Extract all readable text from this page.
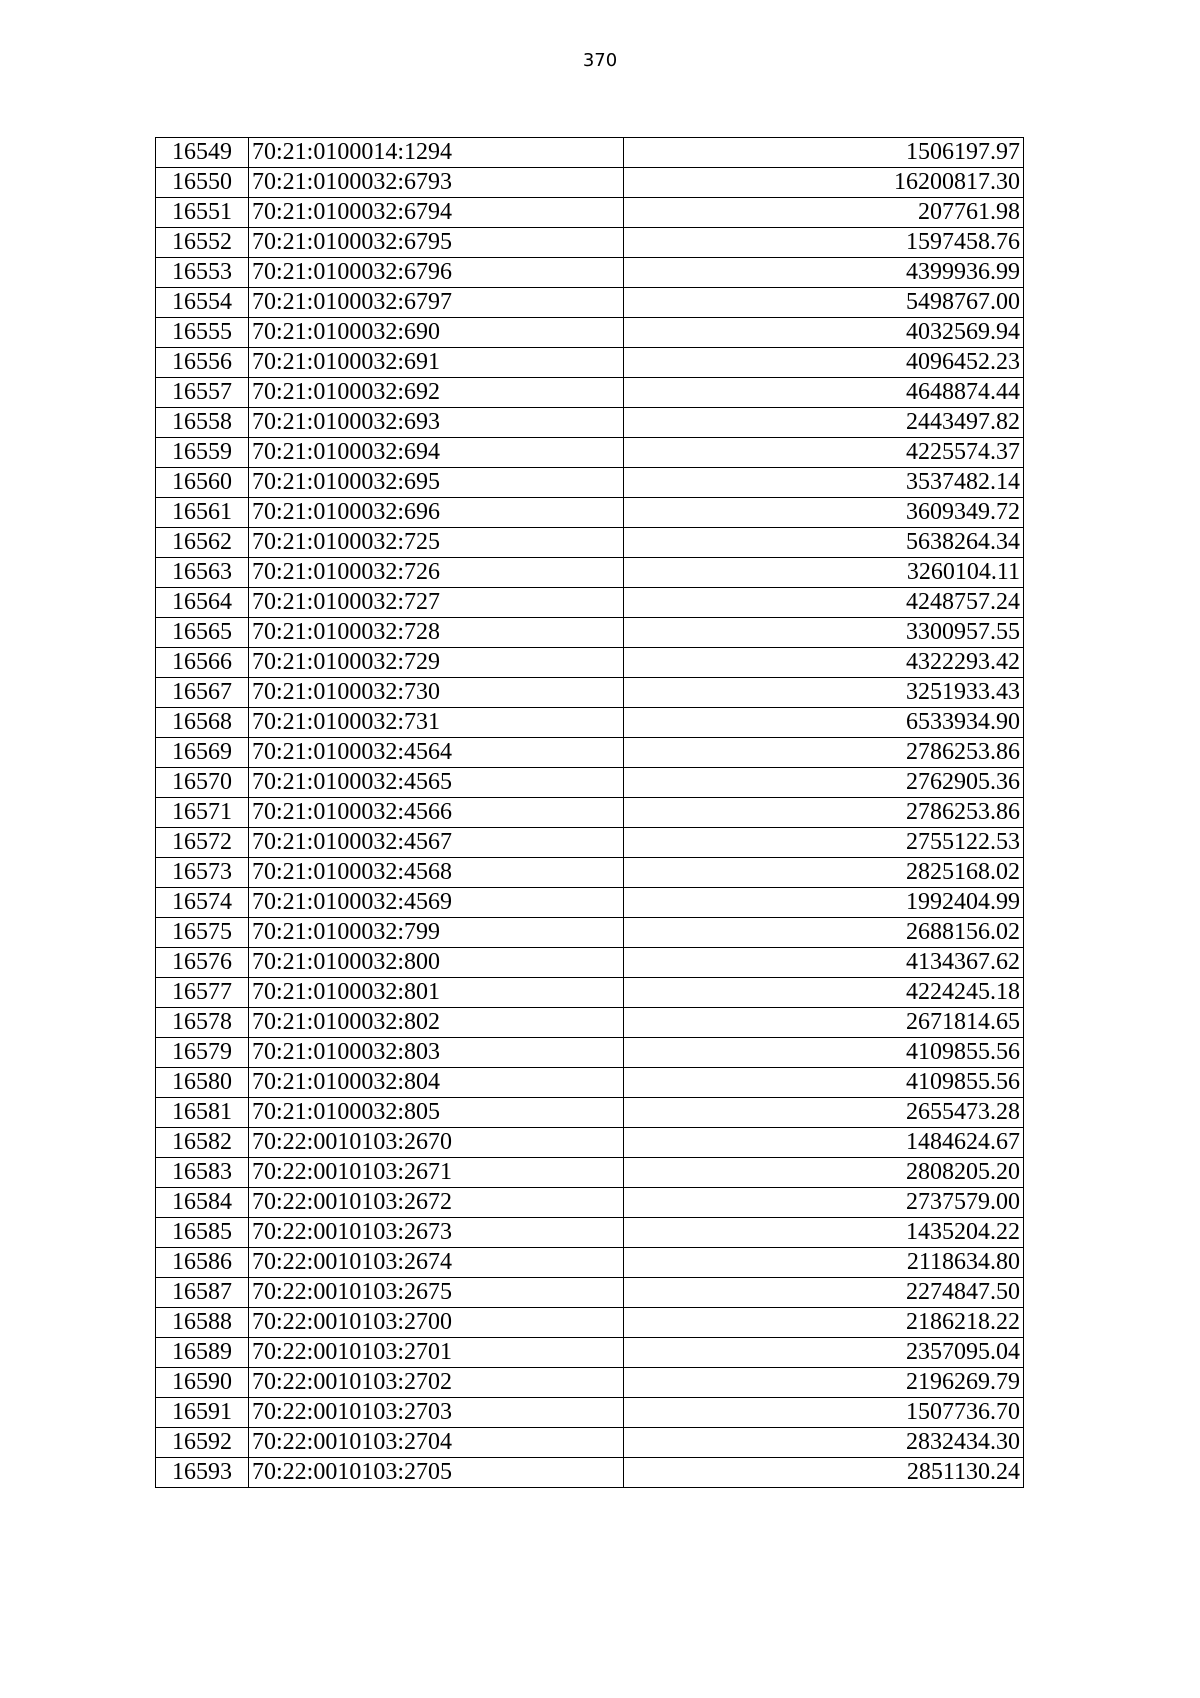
370
16549	70:21:0100014:1294	1506197.97
16550	70:21:0100032:6793	16200817.30
16551	70:21:0100032:6794	207761.98
16552	70:21:0100032:6795	1597458.76
16553	70:21:0100032:6796	4399936.99
16554	70:21:0100032:6797	5498767.00
16555	70:21:0100032:690	4032569.94
16556	70:21:0100032:691	4096452.23
16557	70:21:0100032:692	4648874.44
16558	70:21:0100032:693	2443497.82
16559	70:21:0100032:694	4225574.37
16560	70:21:0100032:695	3537482.14
16561	70:21:0100032:696	3609349.72
16562	70:21:0100032:725	5638264.34
16563	70:21:0100032:726	3260104.11
16564	70:21:0100032:727	4248757.24
16565	70:21:0100032:728	3300957.55
16566	70:21:0100032:729	4322293.42
16567	70:21:0100032:730	3251933.43
16568	70:21:0100032:731	6533934.90
16569	70:21:0100032:4564	2786253.86
16570	70:21:0100032:4565	2762905.36
16571	70:21:0100032:4566	2786253.86
16572	70:21:0100032:4567	2755122.53
16573	70:21:0100032:4568	2825168.02
16574	70:21:0100032:4569	1992404.99
16575	70:21:0100032:799	2688156.02
16576	70:21:0100032:800	4134367.62
16577	70:21:0100032:801	4224245.18
16578	70:21:0100032:802	2671814.65
16579	70:21:0100032:803	4109855.56
16580	70:21:0100032:804	4109855.56
16581	70:21:0100032:805	2655473.28
16582	70:22:0010103:2670	1484624.67
16583	70:22:0010103:2671	2808205.20
16584	70:22:0010103:2672	2737579.00
16585	70:22:0010103:2673	1435204.22
16586	70:22:0010103:2674	2118634.80
16587	70:22:0010103:2675	2274847.50
16588	70:22:0010103:2700	2186218.22
16589	70:22:0010103:2701	2357095.04
16590	70:22:0010103:2702	2196269.79
16591	70:22:0010103:2703	1507736.70
16592	70:22:0010103:2704	2832434.30
16593	70:22:0010103:2705	2851130.24
